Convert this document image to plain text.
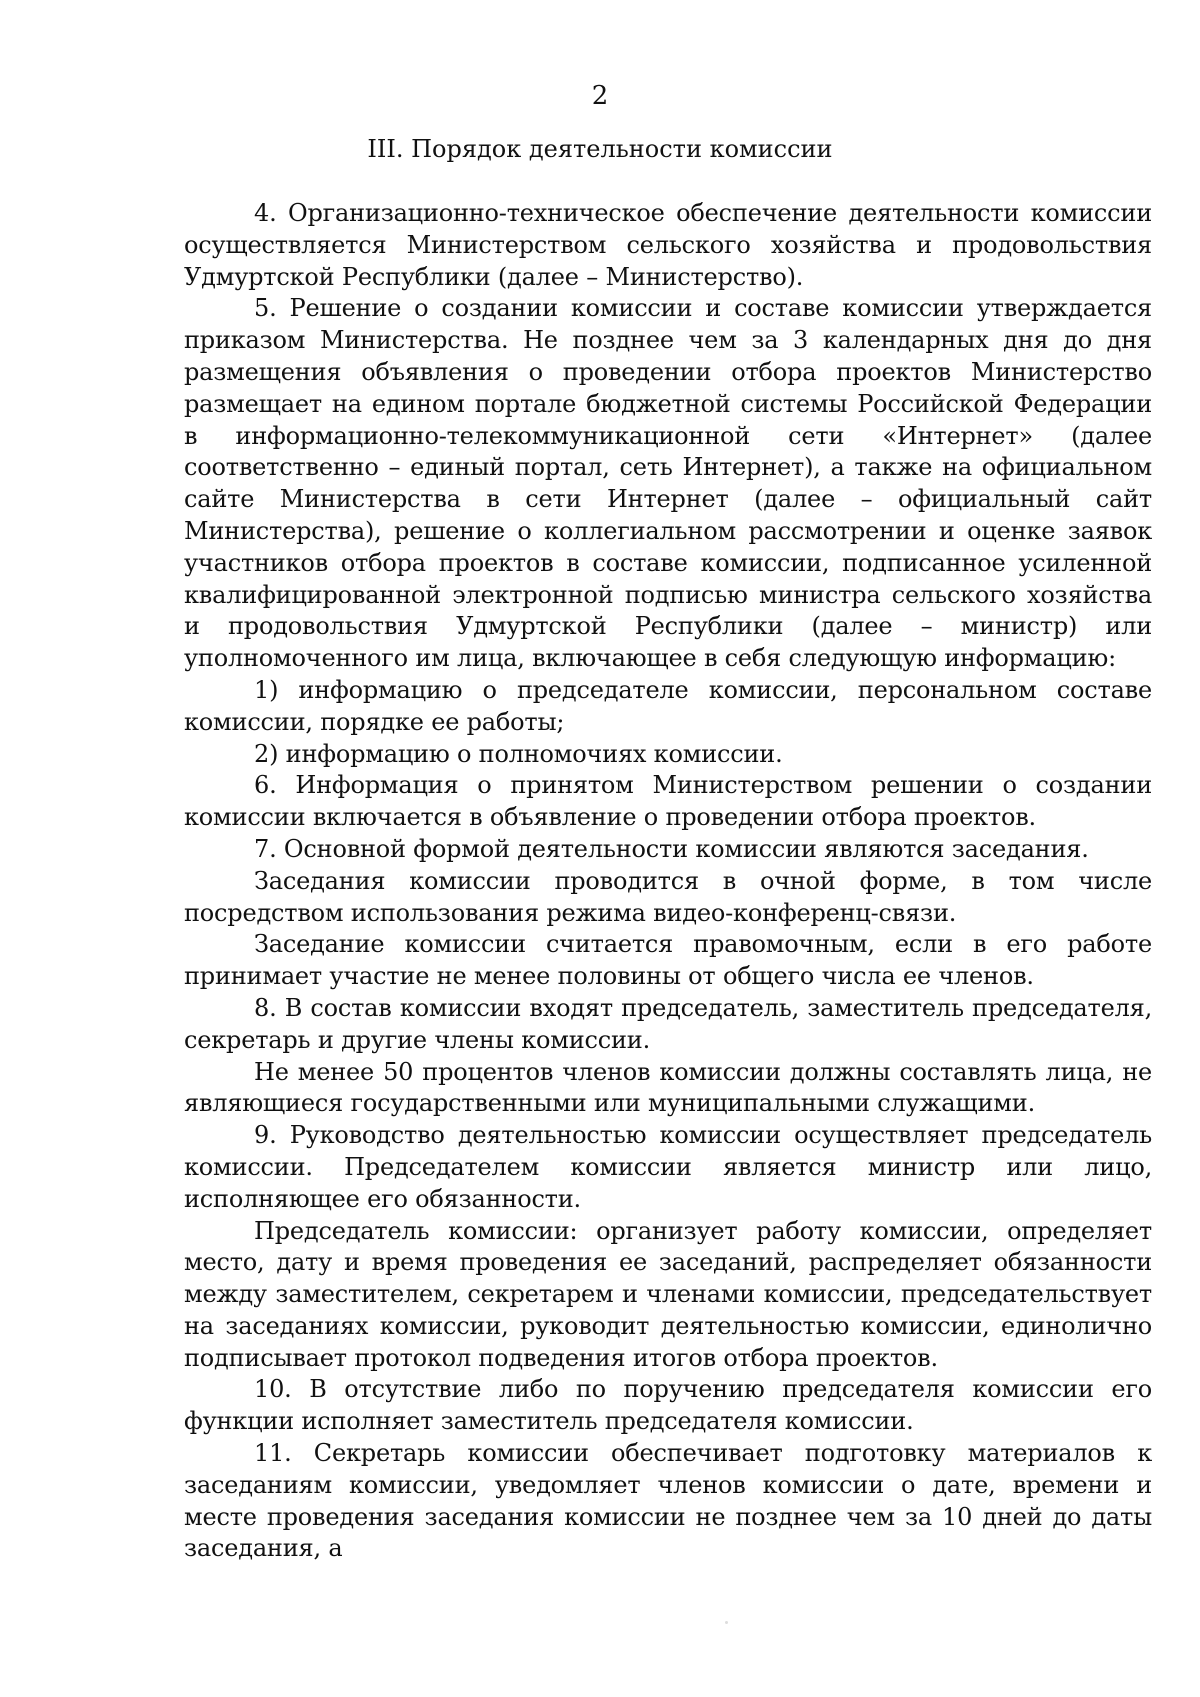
2

III. Порядок деятельности комиссии

4. Организационно-техническое обеспечение деятельности комиссии осуществляется Министерством сельского хозяйства и продовольствия Удмуртской Республики (далее – Министерство).

5. Решение о создании комиссии и составе комиссии утверждается приказом Министерства. Не позднее чем за 3 календарных дня до дня размещения объявления о проведении отбора проектов Министерство размещает на едином портале бюджетной системы Российской Федерации в информационно-телекоммуникационной сети «Интернет» (далее соответственно – единый портал, сеть Интернет), а также на официальном сайте Министерства в сети Интернет (далее – официальный сайт Министерства), решение о коллегиальном рассмотрении и оценке заявок участников отбора проектов в составе комиссии, подписанное усиленной квалифицированной электронной подписью министра сельского хозяйства и продовольствия Удмуртской Республики (далее – министр) или уполномоченного им лица, включающее в себя следующую информацию:

1) информацию о председателе комиссии, персональном составе комиссии, порядке ее работы;

2) информацию о полномочиях комиссии.

6. Информация о принятом Министерством решении о создании комиссии включается в объявление о проведении отбора проектов.

7. Основной формой деятельности комиссии являются заседания.

Заседания комиссии проводится в очной форме, в том числе посредством использования режима видео-конференц-связи.

Заседание комиссии считается правомочным, если в его работе принимает участие не менее половины от общего числа ее членов.

8. В состав комиссии входят председатель, заместитель председателя, секретарь и другие члены комиссии.

Не менее 50 процентов членов комиссии должны составлять лица, не являющиеся государственными или муниципальными служащими.

9. Руководство деятельностью комиссии осуществляет председатель комиссии. Председателем комиссии является министр или лицо, исполняющее его обязанности.

Председатель комиссии: организует работу комиссии, определяет место, дату и время проведения ее заседаний, распределяет обязанности между заместителем, секретарем и членами комиссии, председательствует на заседаниях комиссии, руководит деятельностью комиссии, единолично подписывает протокол подведения итогов отбора проектов.

10. В отсутствие либо по поручению председателя комиссии его функции исполняет заместитель председателя комиссии.

11. Секретарь комиссии обеспечивает подготовку материалов к заседаниям комиссии, уведомляет членов комиссии о дате, времени и месте проведения заседания комиссии не позднее чем за 10 дней до даты заседания, а
